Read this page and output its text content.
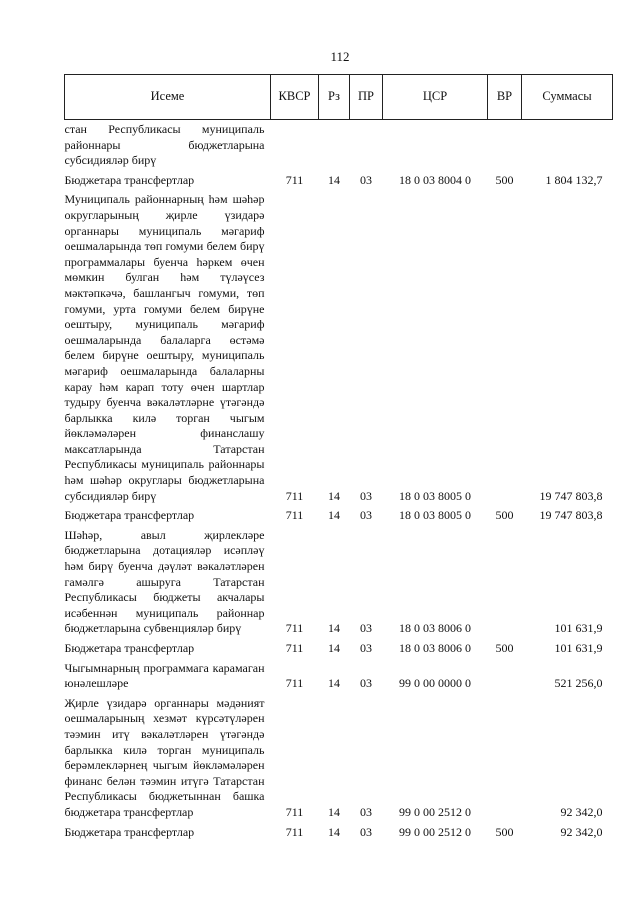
112
Исеме	КВСР	Рз	ПР	ЦСР	ВР	Суммасы
стан Республикасы муниципаль районнары бюджетларына субсидияләр бирү						
Бюджетара трансфертлар	711	14	03	18 0 03 8004 0	500	1 804 132,7
Муниципаль районнарның һәм шәһәр округларының җирле үзидарә органнары муниципаль мәгариф оешмаларында төп гомуми белем бирү программалары буенча һәркем өчен мөмкин булган һәм түләүсез мәктәпкәчә, башлангыч гомуми, төп гомуми, урта гомуми белем бирүне оештыру, муниципаль мәгариф оешмаларында балаларга өстәмә белем бирүне оештыру, муниципаль мәгариф оешмаларында балаларны карау һәм карап тоту өчен шартлар тудыру буенча вәкаләтләрне үтәгәндә барлыкка килә торган чыгым йөкләмәләрен финанслашу максатларында Татарстан Республикасы муниципаль районнары һәм шәһәр округлары бюджетларына субсидияләр бирү	711	14	03	18 0 03 8005 0		19 747 803,8
Бюджетара трансфертлар	711	14	03	18 0 03 8005 0	500	19 747 803,8
Шәһәр, авыл җирлекләре бюджетларына дотацияләр исәпләү һәм бирү буенча дәүләт вәкаләтләрен гамәлгә ашыруга Татарстан Республикасы бюджеты акчалары исәбеннән муниципаль районнар бюджетларына субвенцияләр бирү	711	14	03	18 0 03 8006 0		101 631,9
Бюджетара трансфертлар	711	14	03	18 0 03 8006 0	500	101 631,9
Чыгымнарның программага карамаган юнәлешләре	711	14	03	99 0 00 0000 0		521 256,0
Җирле үзидарә органнары мәдәният оешмаларының хезмәт күрсәтүләрен тәэмин итү вәкаләтләрен үтәгәндә барлыкка килә торган муниципаль берәмлекләрнең чыгым йөкләмәләрен финанс белән тәэмин итүгә Татарстан Республикасы бюджетыннан башка бюджетара трансфертлар	711	14	03	99 0 00 2512 0		92 342,0
Бюджетара трансфертлар	711	14	03	99 0 00 2512 0	500	92 342,0
